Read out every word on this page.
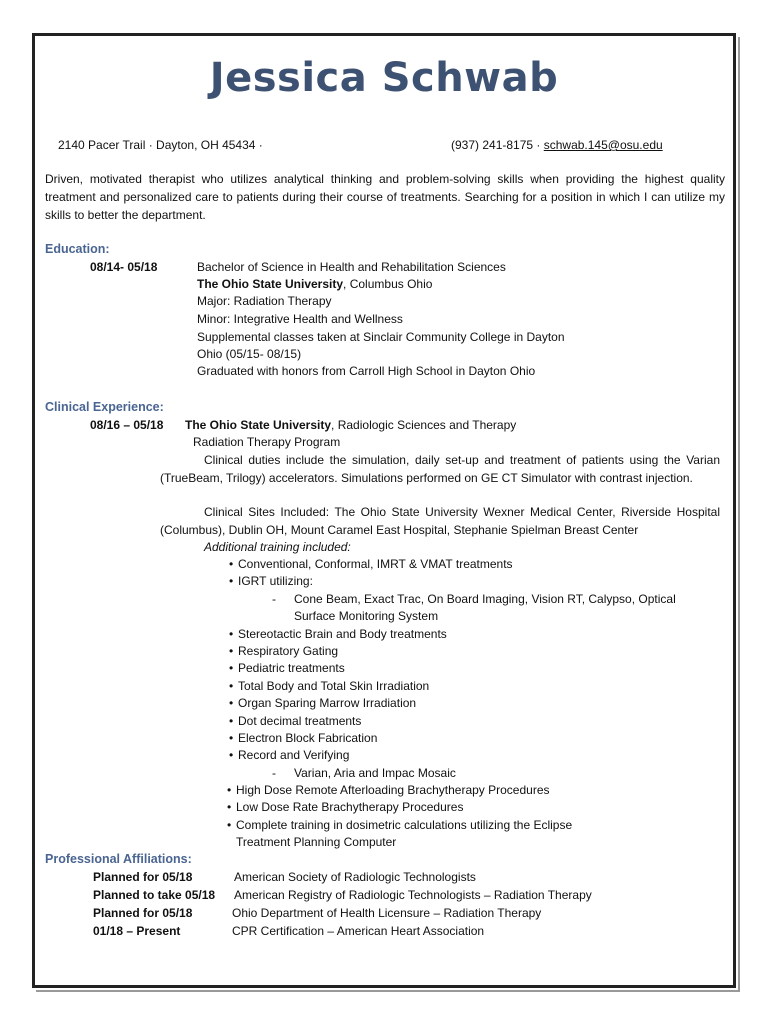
Jessica Schwab
2140 Pacer Trail · Dayton, OH 45434 ·	(937) 241-8175 · schwab.145@osu.edu
Driven, motivated therapist who utilizes analytical thinking and problem-solving skills when providing the highest quality treatment and personalized care to patients during their course of treatments. Searching for a position in which I can utilize my skills to better the department.
Education:
08/14- 05/18	Bachelor of Science in Health and Rehabilitation Sciences
The Ohio State University, Columbus Ohio
Major: Radiation Therapy
Minor: Integrative Health and Wellness
Supplemental classes taken at Sinclair Community College in Dayton
Ohio (05/15- 08/15)
Graduated with honors from Carroll High School in Dayton Ohio
Clinical Experience:
08/16 – 05/18 The Ohio State University, Radiologic Sciences and Therapy
Radiation Therapy Program
Clinical duties include the simulation, daily set-up and treatment of patients using the Varian (TrueBeam, Trilogy) accelerators. Simulations performed on GE CT Simulator with contrast injection.
Clinical Sites Included: The Ohio State University Wexner Medical Center, Riverside Hospital (Columbus), Dublin OH, Mount Caramel East Hospital, Stephanie Spielman Breast Center
Additional training included:
• Conventional, Conformal, IMRT & VMAT treatments
• IGRT utilizing:
- Cone Beam, Exact Trac, On Board Imaging, Vision RT, Calypso, Optical
Surface Monitoring System
• Stereotactic Brain and Body treatments
• Respiratory Gating
• Pediatric treatments
• Total Body and Total Skin Irradiation
• Organ Sparing Marrow Irradiation
• Dot decimal treatments
• Electron Block Fabrication
• Record and Verifying
- Varian, Aria and Impac Mosaic
• High Dose Remote Afterloading Brachytherapy Procedures
• Low Dose Rate Brachytherapy Procedures
• Complete training in dosimetric calculations utilizing the Eclipse
Treatment Planning Computer
Professional Affiliations:
Planned for 05/18	American Society of Radiologic Technologists
Planned to take 05/18 American Registry of Radiologic Technologists – Radiation Therapy
Planned for 05/18	Ohio Department of Health Licensure – Radiation Therapy
01/18 – Present	CPR Certification – American Heart Association
